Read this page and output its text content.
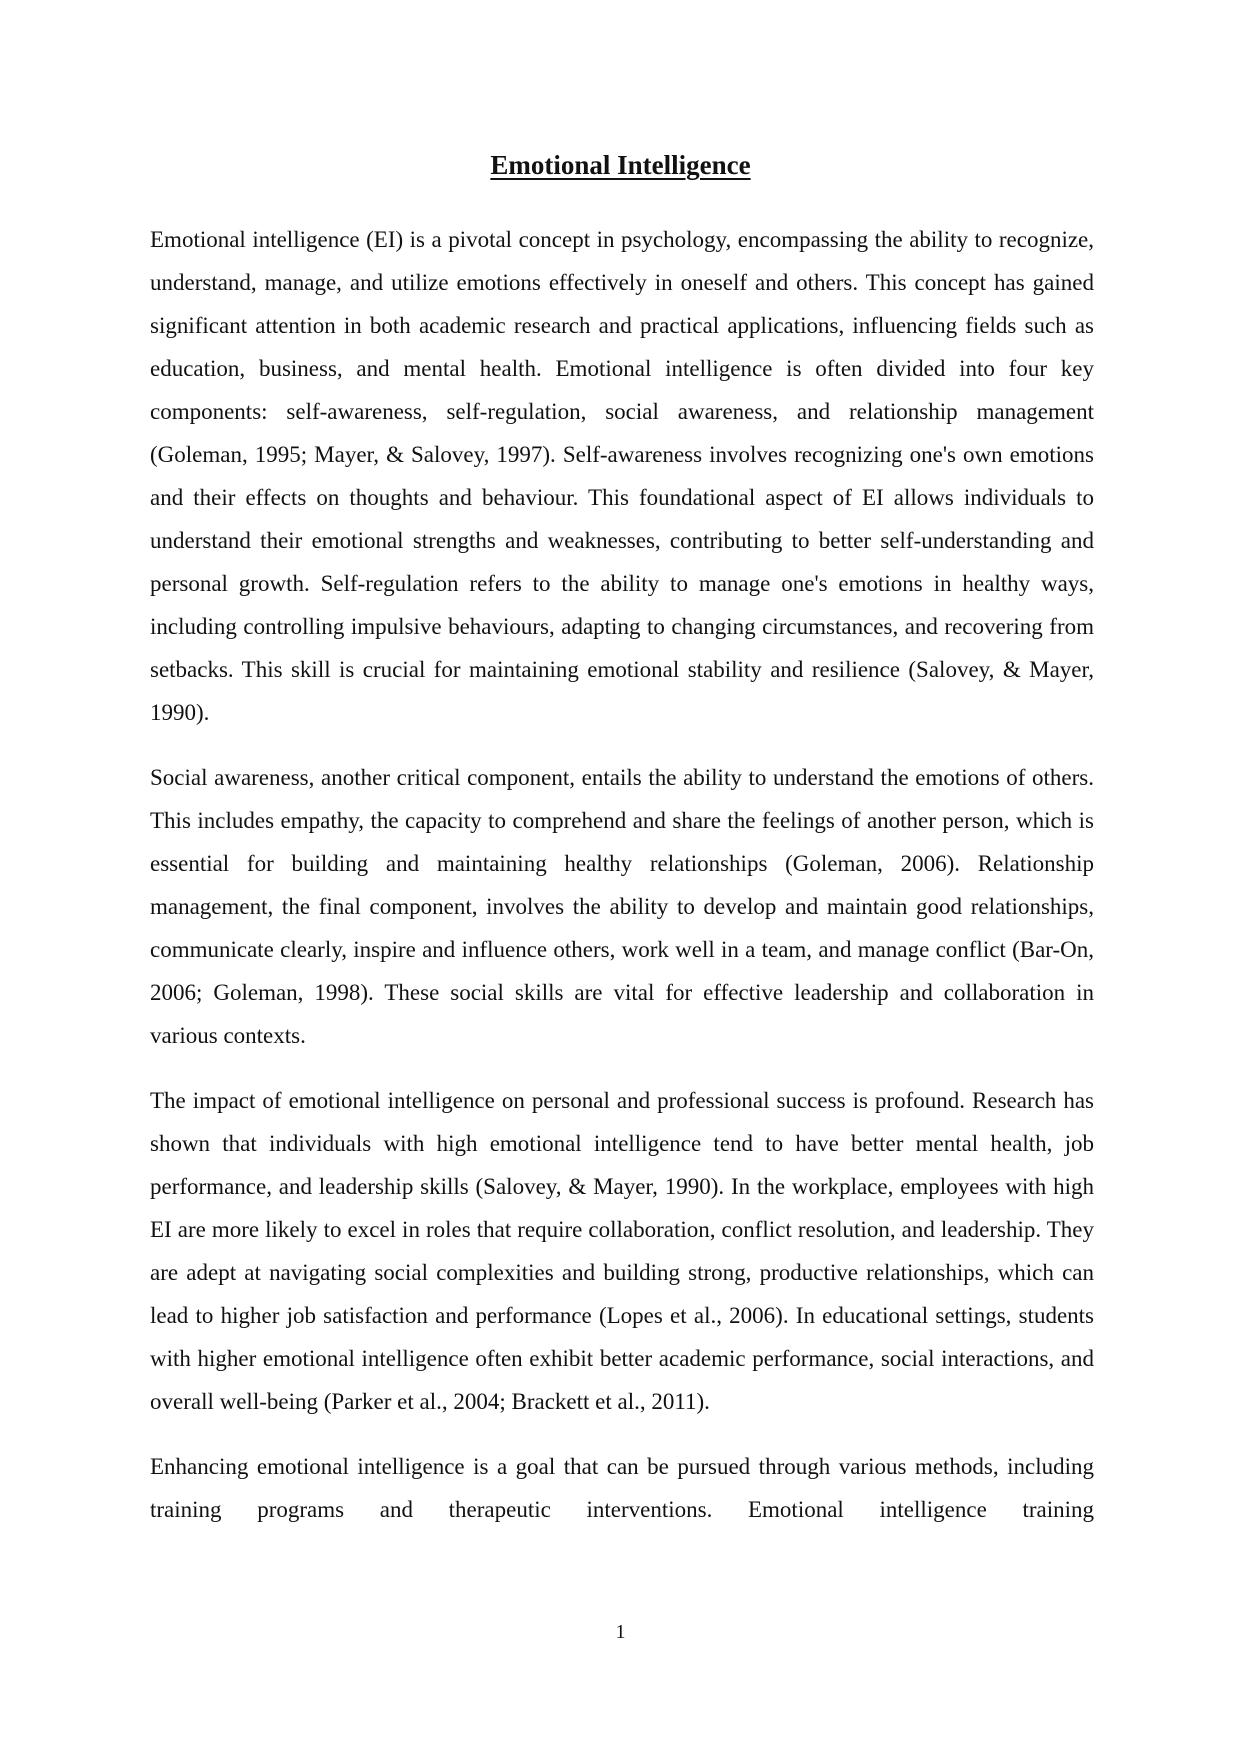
Emotional Intelligence

Emotional intelligence (EI) is a pivotal concept in psychology, encompassing the ability to recognize, understand, manage, and utilize emotions effectively in oneself and others. This concept has gained significant attention in both academic research and practical applications, influencing fields such as education, business, and mental health. Emotional intelligence is often divided into four key components: self-awareness, self-regulation, social awareness, and relationship management (Goleman, 1995; Mayer, & Salovey, 1997). Self-awareness involves recognizing one's own emotions and their effects on thoughts and behaviour. This foundational aspect of EI allows individuals to understand their emotional strengths and weaknesses, contributing to better self-understanding and personal growth. Self-regulation refers to the ability to manage one's emotions in healthy ways, including controlling impulsive behaviours, adapting to changing circumstances, and recovering from setbacks. This skill is crucial for maintaining emotional stability and resilience (Salovey, & Mayer, 1990).

Social awareness, another critical component, entails the ability to understand the emotions of others. This includes empathy, the capacity to comprehend and share the feelings of another person, which is essential for building and maintaining healthy relationships (Goleman, 2006). Relationship management, the final component, involves the ability to develop and maintain good relationships, communicate clearly, inspire and influence others, work well in a team, and manage conflict (Bar-On, 2006; Goleman, 1998). These social skills are vital for effective leadership and collaboration in various contexts.

The impact of emotional intelligence on personal and professional success is profound. Research has shown that individuals with high emotional intelligence tend to have better mental health, job performance, and leadership skills (Salovey, & Mayer, 1990). In the workplace, employees with high EI are more likely to excel in roles that require collaboration, conflict resolution, and leadership. They are adept at navigating social complexities and building strong, productive relationships, which can lead to higher job satisfaction and performance (Lopes et al., 2006). In educational settings, students with higher emotional intelligence often exhibit better academic performance, social interactions, and overall well-being (Parker et al., 2004; Brackett et al., 2011).

Enhancing emotional intelligence is a goal that can be pursued through various methods, including training programs and therapeutic interventions. Emotional intelligence training

1
